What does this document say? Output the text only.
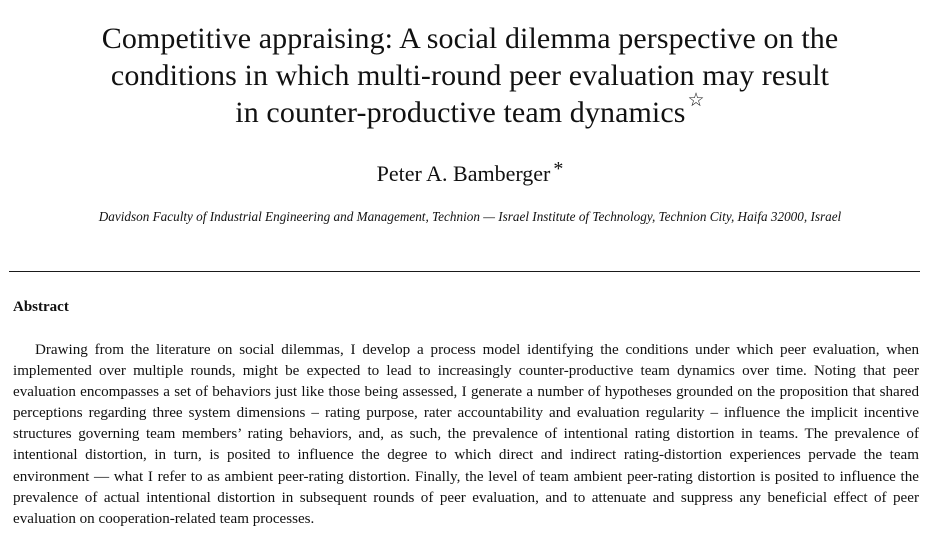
Competitive appraising: A social dilemma perspective on the
conditions in which multi-round peer evaluation may result
in counter-productive team dynamics ☆
Peter A. Bamberger *
Davidson Faculty of Industrial Engineering and Management, Technion — Israel Institute of Technology, Technion City, Haifa 32000, Israel
Abstract

Drawing from the literature on social dilemmas, I develop a process model identifying the conditions under which peer evaluation, when implemented over multiple rounds, might be expected to lead to increasingly counter-productive team dynamics over time. Noting that peer evaluation encompasses a set of behaviors just like those being assessed, I generate a number of hypotheses grounded on the proposition that shared perceptions regarding three system dimensions – rating purpose, rater accountability and evaluation regularity – influence the implicit incentive structures governing team members’ rating behaviors, and, as such, the prevalence of intentional rating distortion in teams. The prevalence of intentional distortion, in turn, is posited to influence the degree to which direct and indirect rating-distortion experiences pervade the team environment — what I refer to as ambient peer-rating distortion. Finally, the level of team ambient peer-rating distortion is posited to influence the prevalence of actual intentional distortion in subsequent rounds of peer evaluation, and to attenuate and suppress any beneficial effect of peer evaluation on cooperation-related team processes.
